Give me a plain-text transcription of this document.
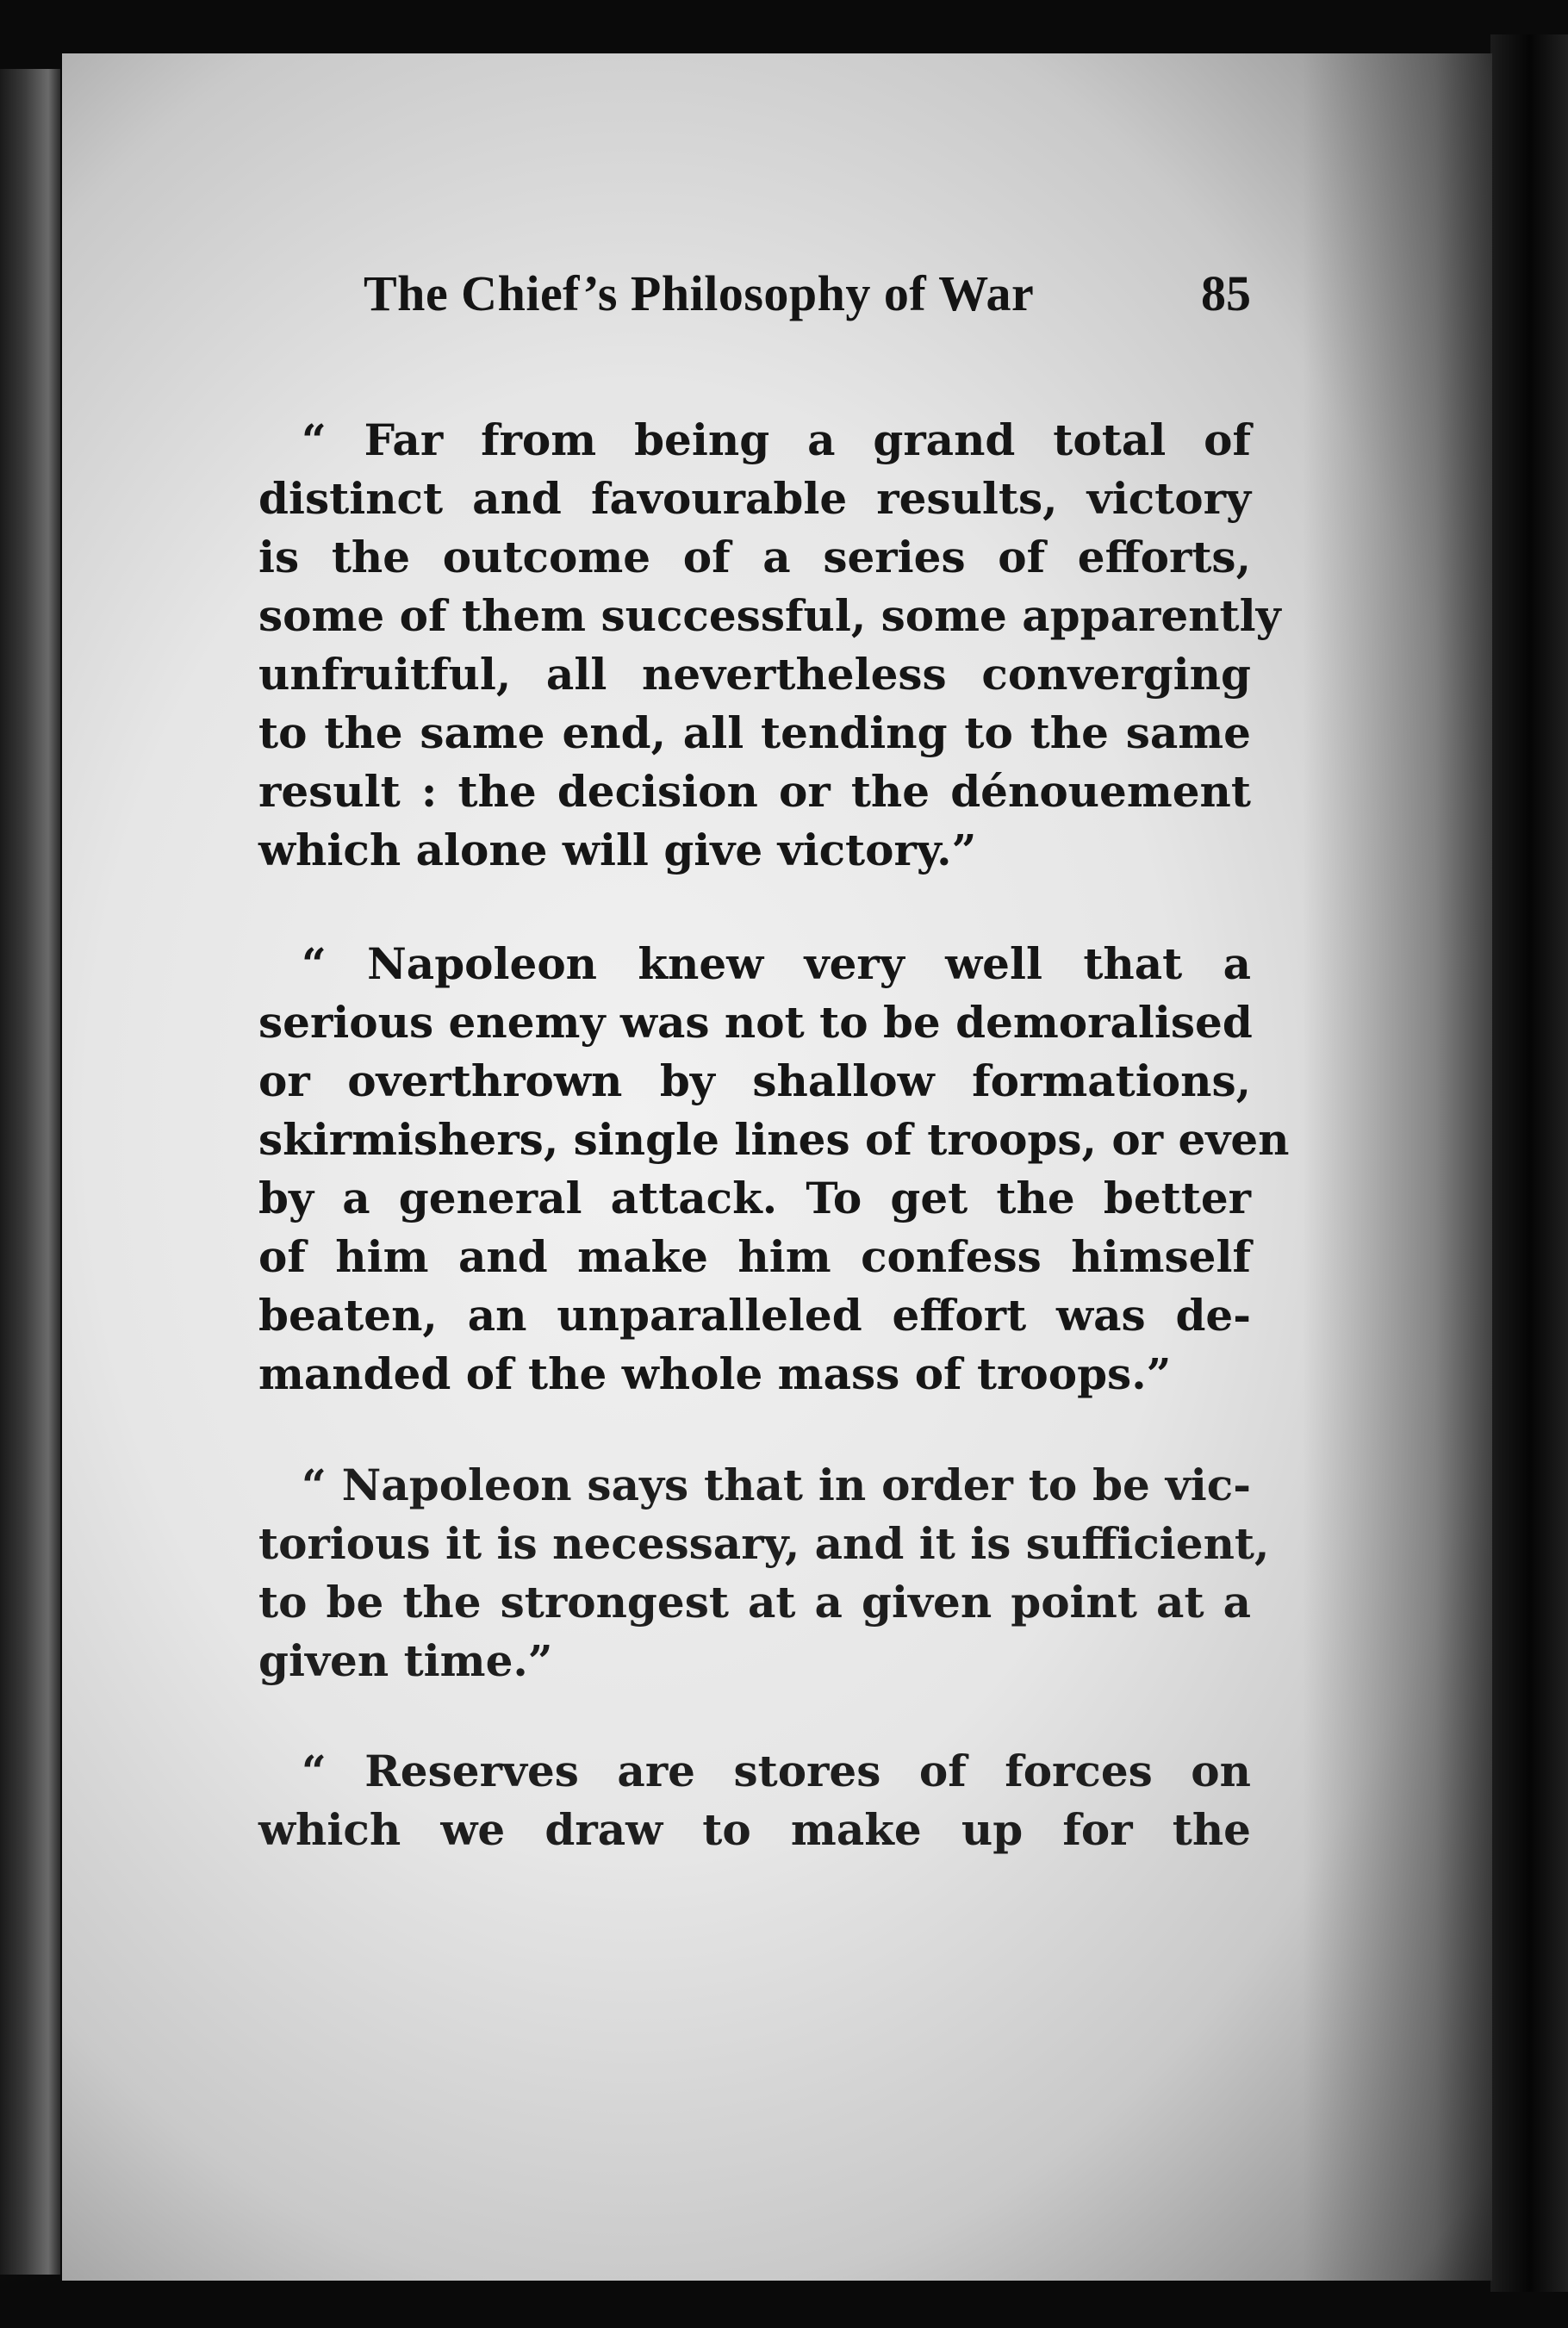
The Chief’s Philosophy of War	85
“ Far from being a grand total of
distinct and favourable results, victory
is the outcome of a series of efforts,
some of them successful, some apparently
unfruitful, all nevertheless converging
to the same end, all tending to the same
result : the decision or the dénouement
which alone will give victory.”
“ Napoleon knew very well that a
serious enemy was not to be demoralised
or overthrown by shallow formations,
skirmishers, single lines of troops, or even
by a general attack. To get the better
of him and make him confess himself
beaten, an unparalleled effort was de-
manded of the whole mass of troops.”
“ Napoleon says that in order to be vic-
torious it is necessary, and it is sufficient,
to be the strongest at a given point at a
given time.”
“ Reserves are stores of forces on
which we draw to make up for the
